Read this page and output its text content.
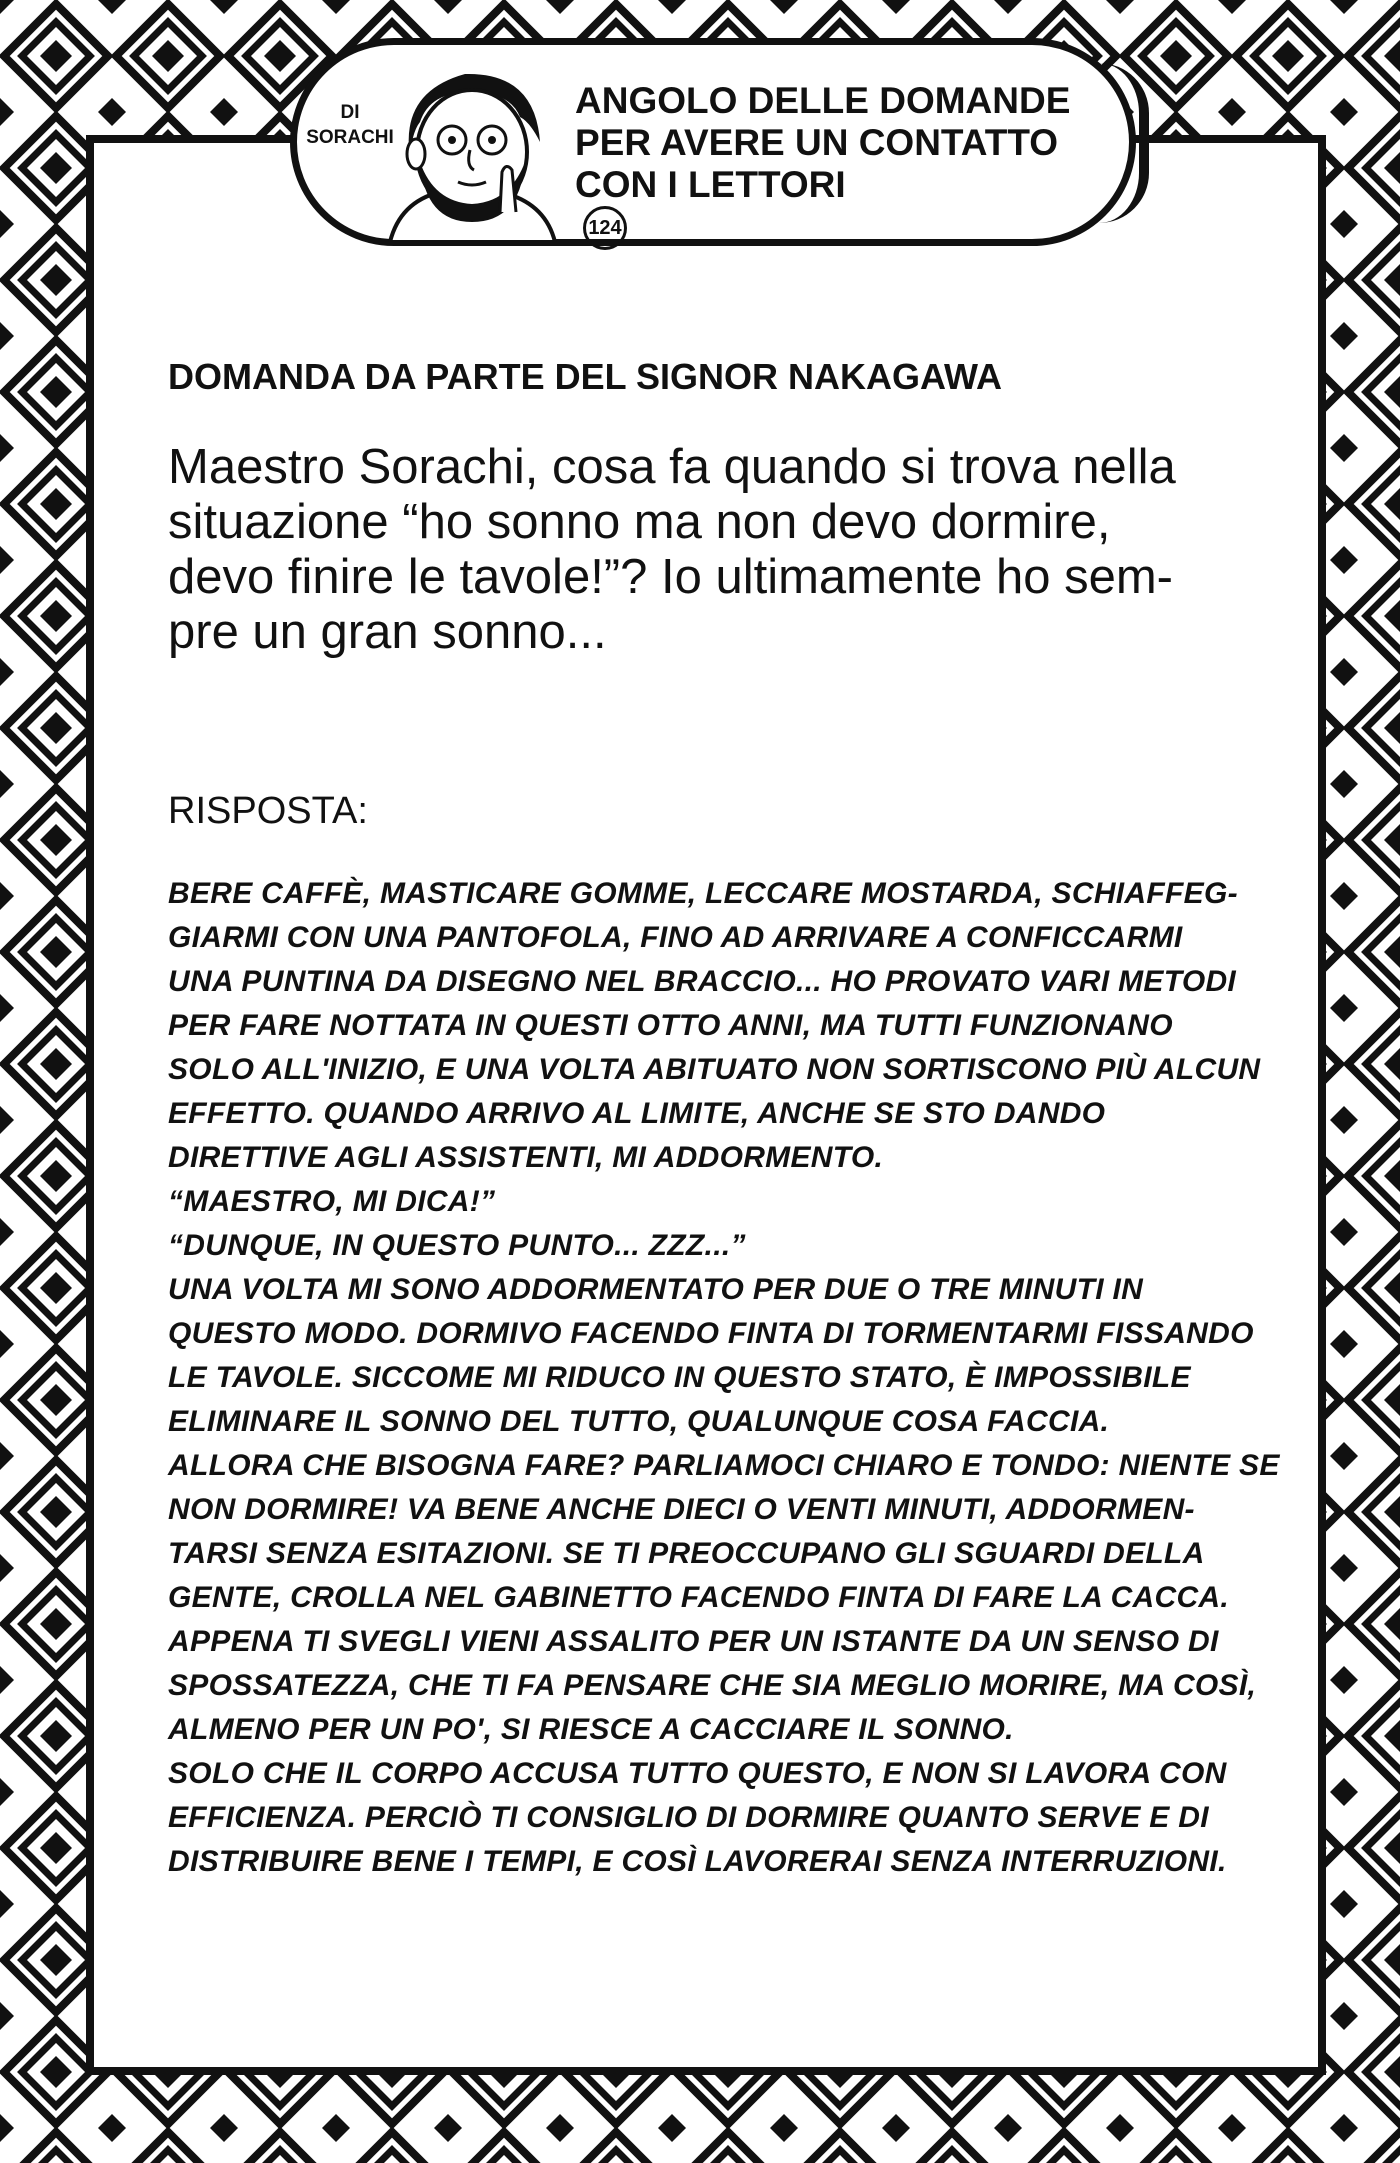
DI
SORACHI
ANGOLO DELLE DOMANDE
PER AVERE UN CONTATTO
CON I LETTORI
124
DOMANDA DA PARTE DEL SIGNOR NAKAGAWA
Maestro Sorachi, cosa fa quando si trova nella
situazione “ho sonno ma non devo dormire,
devo finire le tavole!”? Io ultimamente ho sem-
pre un gran sonno...
RISPOSTA:
BERE CAFFÈ, MASTICARE GOMME, LECCARE MOSTARDA, SCHIAFFEG-
GIARMI CON UNA PANTOFOLA, FINO AD ARRIVARE A CONFICCARMI
UNA PUNTINA DA DISEGNO NEL BRACCIO... HO PROVATO VARI METODI
PER FARE NOTTATA IN QUESTI OTTO ANNI, MA TUTTI FUNZIONANO
SOLO ALL'INIZIO, E UNA VOLTA ABITUATO NON SORTISCONO PIÙ ALCUN
EFFETTO. QUANDO ARRIVO AL LIMITE, ANCHE SE STO DANDO
DIRETTIVE AGLI ASSISTENTI, MI ADDORMENTO.
“MAESTRO, MI DICA!”
“DUNQUE, IN QUESTO PUNTO... ZZZ...”
UNA VOLTA MI SONO ADDORMENTATO PER DUE O TRE MINUTI IN
QUESTO MODO. DORMIVO FACENDO FINTA DI TORMENTARMI FISSANDO
LE TAVOLE. SICCOME MI RIDUCO IN QUESTO STATO, È IMPOSSIBILE
ELIMINARE IL SONNO DEL TUTTO, QUALUNQUE COSA FACCIA.
ALLORA CHE BISOGNA FARE? PARLIAMOCI CHIARO E TONDO: NIENTE SE
NON DORMIRE! VA BENE ANCHE DIECI O VENTI MINUTI, ADDORMEN-
TARSI SENZA ESITAZIONI. SE TI PREOCCUPANO GLI SGUARDI DELLA
GENTE, CROLLA NEL GABINETTO FACENDO FINTA DI FARE LA CACCA.
APPENA TI SVEGLI VIENI ASSALITO PER UN ISTANTE DA UN SENSO DI
SPOSSATEZZA, CHE TI FA PENSARE CHE SIA MEGLIO MORIRE, MA COSÌ,
ALMENO PER UN PO', SI RIESCE A CACCIARE IL SONNO.
SOLO CHE IL CORPO ACCUSA TUTTO QUESTO, E NON SI LAVORA CON
EFFICIENZA. PERCIÒ TI CONSIGLIO DI DORMIRE QUANTO SERVE E DI
DISTRIBUIRE BENE I TEMPI, E COSÌ LAVORERAI SENZA INTERRUZIONI.
